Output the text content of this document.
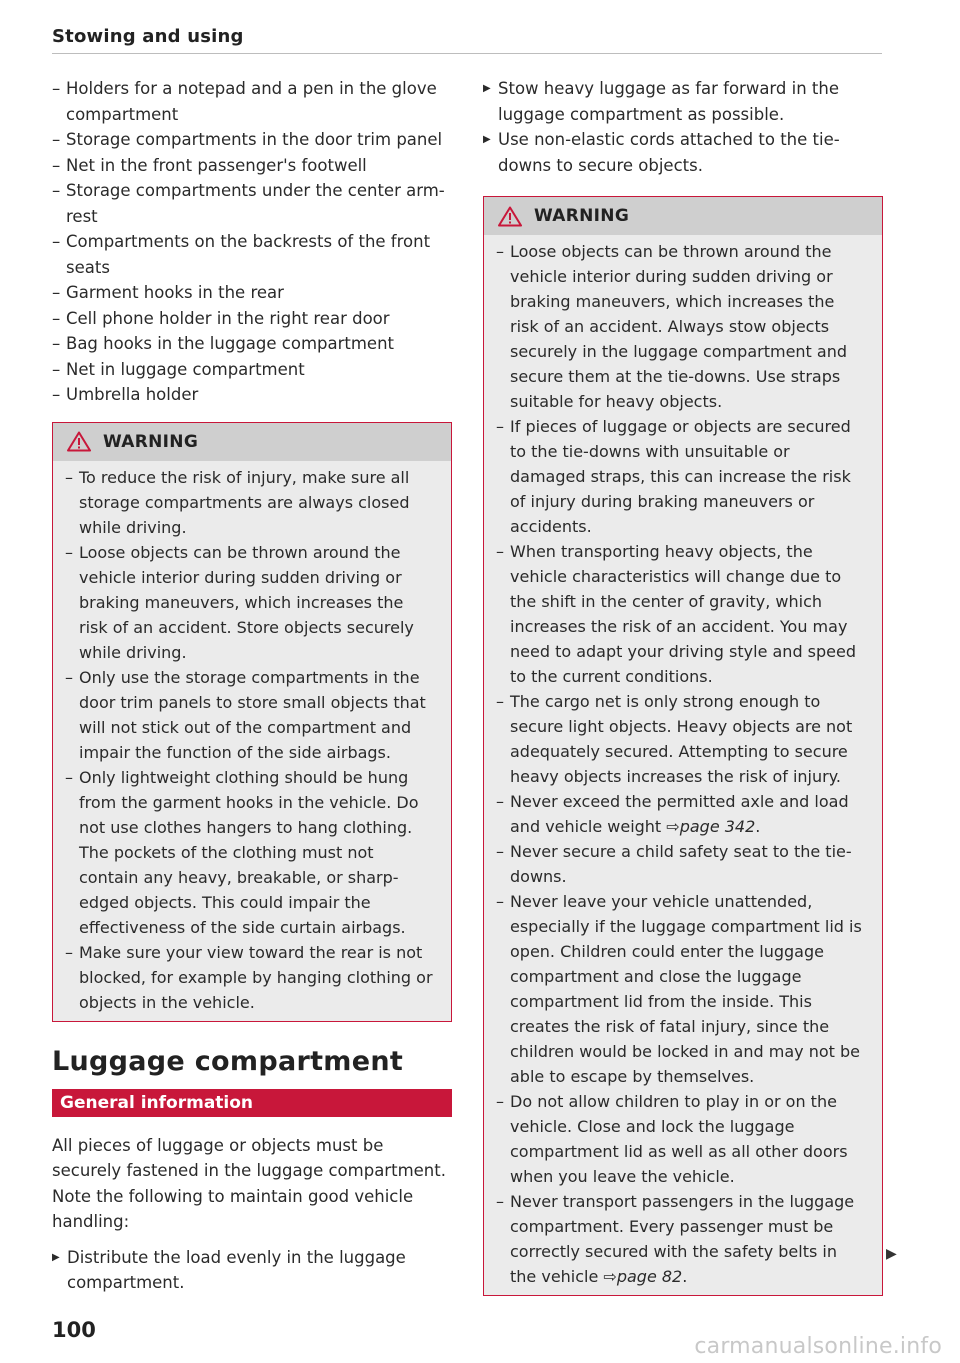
Stowing and using
– Holders for a notepad and a pen in the glove compartment
– Storage compartments in the door trim panel
– Net in the front passenger's footwell
– Storage compartments under the center arm-rest
– Compartments on the backrests of the front seats
– Garment hooks in the rear
– Cell phone holder in the right rear door
– Bag hooks in the luggage compartment
– Net in luggage compartment
– Umbrella holder
WARNING
– To reduce the risk of injury, make sure all storage compartments are always closed while driving.
– Loose objects can be thrown around the vehicle interior during sudden driving or braking maneuvers, which increases the risk of an accident. Store objects securely while driving.
– Only use the storage compartments in the door trim panels to store small objects that will not stick out of the compartment and impair the function of the side airbags.
– Only lightweight clothing should be hung from the garment hooks in the vehicle. Do not use clothes hangers to hang clothing. The pockets of the clothing must not contain any heavy, breakable, or sharp-edged objects. This could impair the effectiveness of the side curtain airbags.
– Make sure your view toward the rear is not blocked, for example by hanging clothing or objects in the vehicle.
Luggage compartment
General information

All pieces of luggage or objects must be securely fastened in the luggage compartment. Note the following to maintain good vehicle handling:

▶ Distribute the load evenly in the luggage compartment.
▶ Stow heavy luggage as far forward in the luggage compartment as possible.
▶ Use non-elastic cords attached to the tie-downs to secure objects.
WARNING
– Loose objects can be thrown around the vehicle interior during sudden driving or braking maneuvers, which increases the risk of an accident. Always stow objects securely in the luggage compartment and secure them at the tie-downs. Use straps suitable for heavy objects.
– If pieces of luggage or objects are secured to the tie-downs with unsuitable or damaged straps, this can increase the risk of injury during braking maneuvers or accidents.
– When transporting heavy objects, the vehicle characteristics will change due to the shift in the center of gravity, which increases the risk of an accident. You may need to adapt your driving style and speed to the current conditions.
– The cargo net is only strong enough to secure light objects. Heavy objects are not adequately secured. Attempting to secure heavy objects increases the risk of injury.
– Never exceed the permitted axle and load and vehicle weight ⇨page 342.
– Never secure a child safety seat to the tie-downs.
– Never leave your vehicle unattended, especially if the luggage compartment lid is open. Children could enter the luggage compartment and close the luggage compartment lid from the inside. This creates the risk of fatal injury, since the children would be locked in and may not be able to escape by themselves.
– Do not allow children to play in or on the vehicle. Close and lock the luggage compartment lid as well as all other doors when you leave the vehicle.
– Never transport passengers in the luggage compartment. Every passenger must be correctly secured with the safety belts in the vehicle ⇨page 82.
▶
100
carmanualsonline.info
